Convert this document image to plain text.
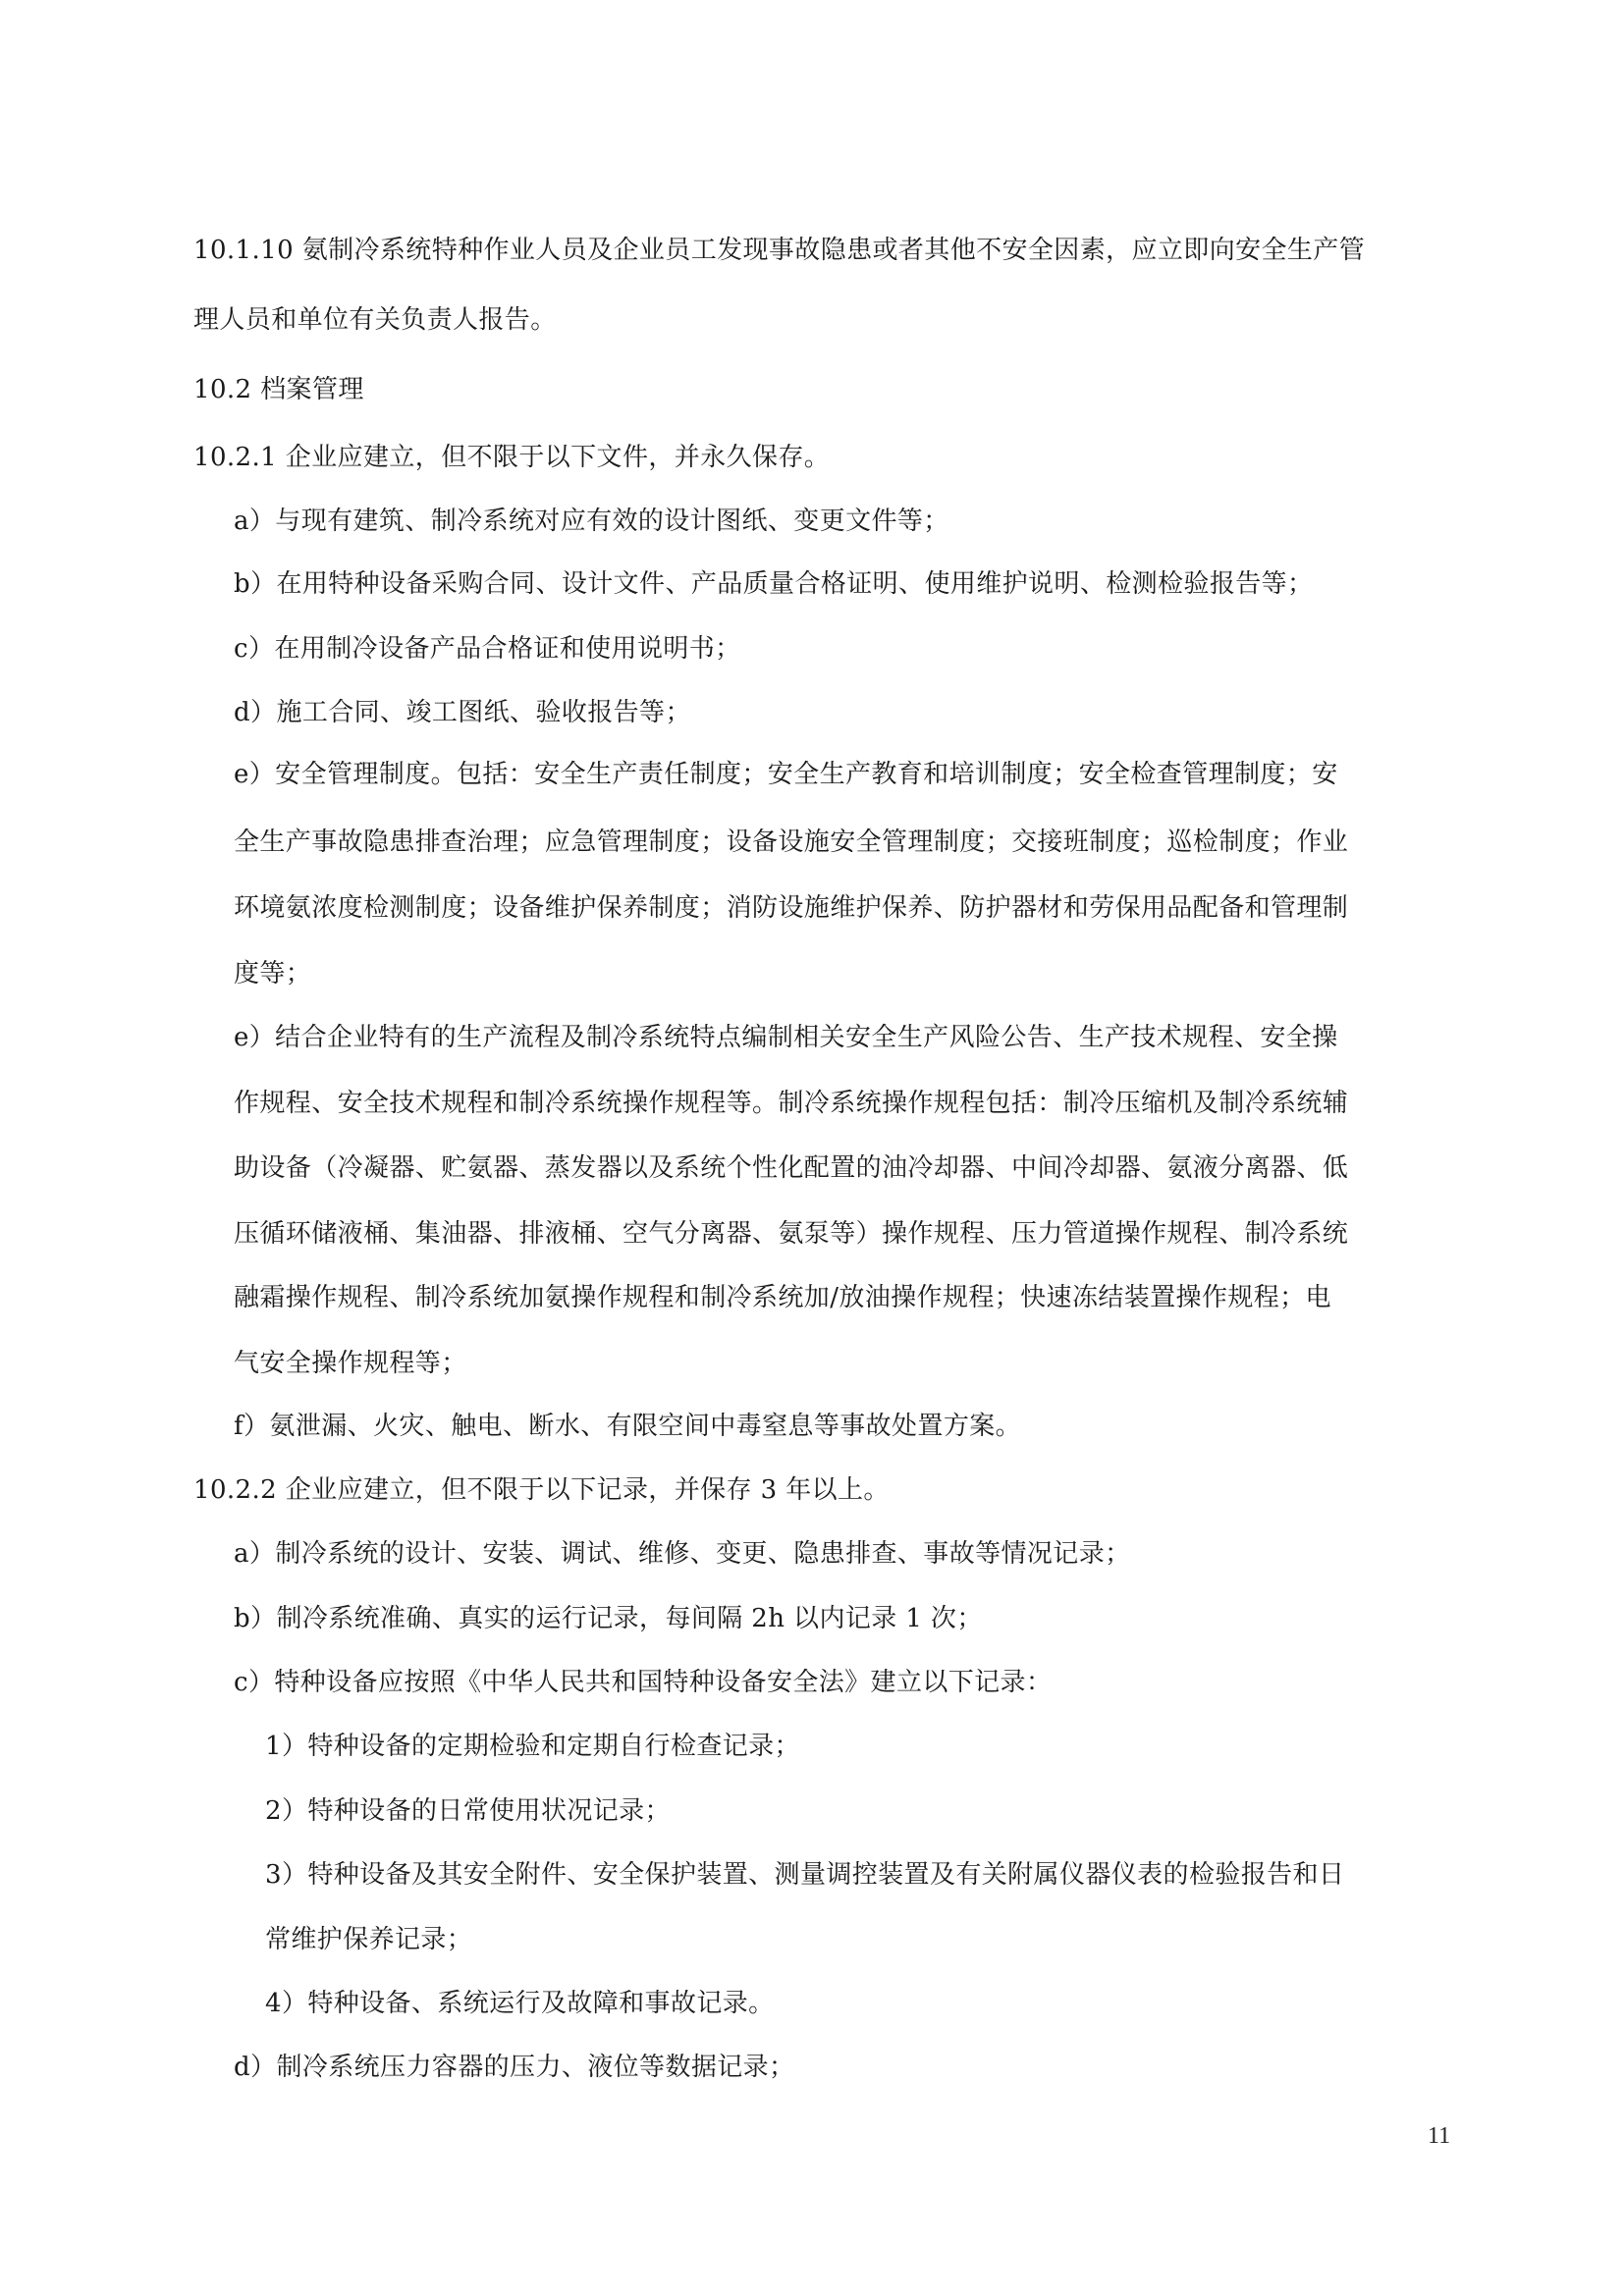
10.1.10 氨制冷系统特种作业人员及企业员工发现事故隐患或者其他不安全因素，应立即向安全生产管
理人员和单位有关负责人报告。
10.2 档案管理
10.2.1 企业应建立，但不限于以下文件，并永久保存。
a）与现有建筑、制冷系统对应有效的设计图纸、变更文件等；
b）在用特种设备采购合同、设计文件、产品质量合格证明、使用维护说明、检测检验报告等；
c）在用制冷设备产品合格证和使用说明书；
d）施工合同、竣工图纸、验收报告等；
e）安全管理制度。包括：安全生产责任制度；安全生产教育和培训制度；安全检查管理制度；安
全生产事故隐患排查治理；应急管理制度；设备设施安全管理制度；交接班制度；巡检制度；作业
环境氨浓度检测制度；设备维护保养制度；消防设施维护保养、防护器材和劳保用品配备和管理制
度等；
e）结合企业特有的生产流程及制冷系统特点编制相关安全生产风险公告、生产技术规程、安全操
作规程、安全技术规程和制冷系统操作规程等。制冷系统操作规程包括：制冷压缩机及制冷系统辅
助设备（冷凝器、贮氨器、蒸发器以及系统个性化配置的油冷却器、中间冷却器、氨液分离器、低
压循环储液桶、集油器、排液桶、空气分离器、氨泵等）操作规程、压力管道操作规程、制冷系统
融霜操作规程、制冷系统加氨操作规程和制冷系统加/放油操作规程；快速冻结装置操作规程；电
气安全操作规程等；
f）氨泄漏、火灾、触电、断水、有限空间中毒窒息等事故处置方案。
10.2.2 企业应建立，但不限于以下记录，并保存 3 年以上。
a）制冷系统的设计、安装、调试、维修、变更、隐患排查、事故等情况记录；
b）制冷系统准确、真实的运行记录，每间隔 2h 以内记录 1 次；
c）特种设备应按照《中华人民共和国特种设备安全法》建立以下记录：
1）特种设备的定期检验和定期自行检查记录；
2）特种设备的日常使用状况记录；
3）特种设备及其安全附件、安全保护装置、测量调控装置及有关附属仪器仪表的检验报告和日
常维护保养记录；
4）特种设备、系统运行及故障和事故记录。
d）制冷系统压力容器的压力、液位等数据记录；
11
